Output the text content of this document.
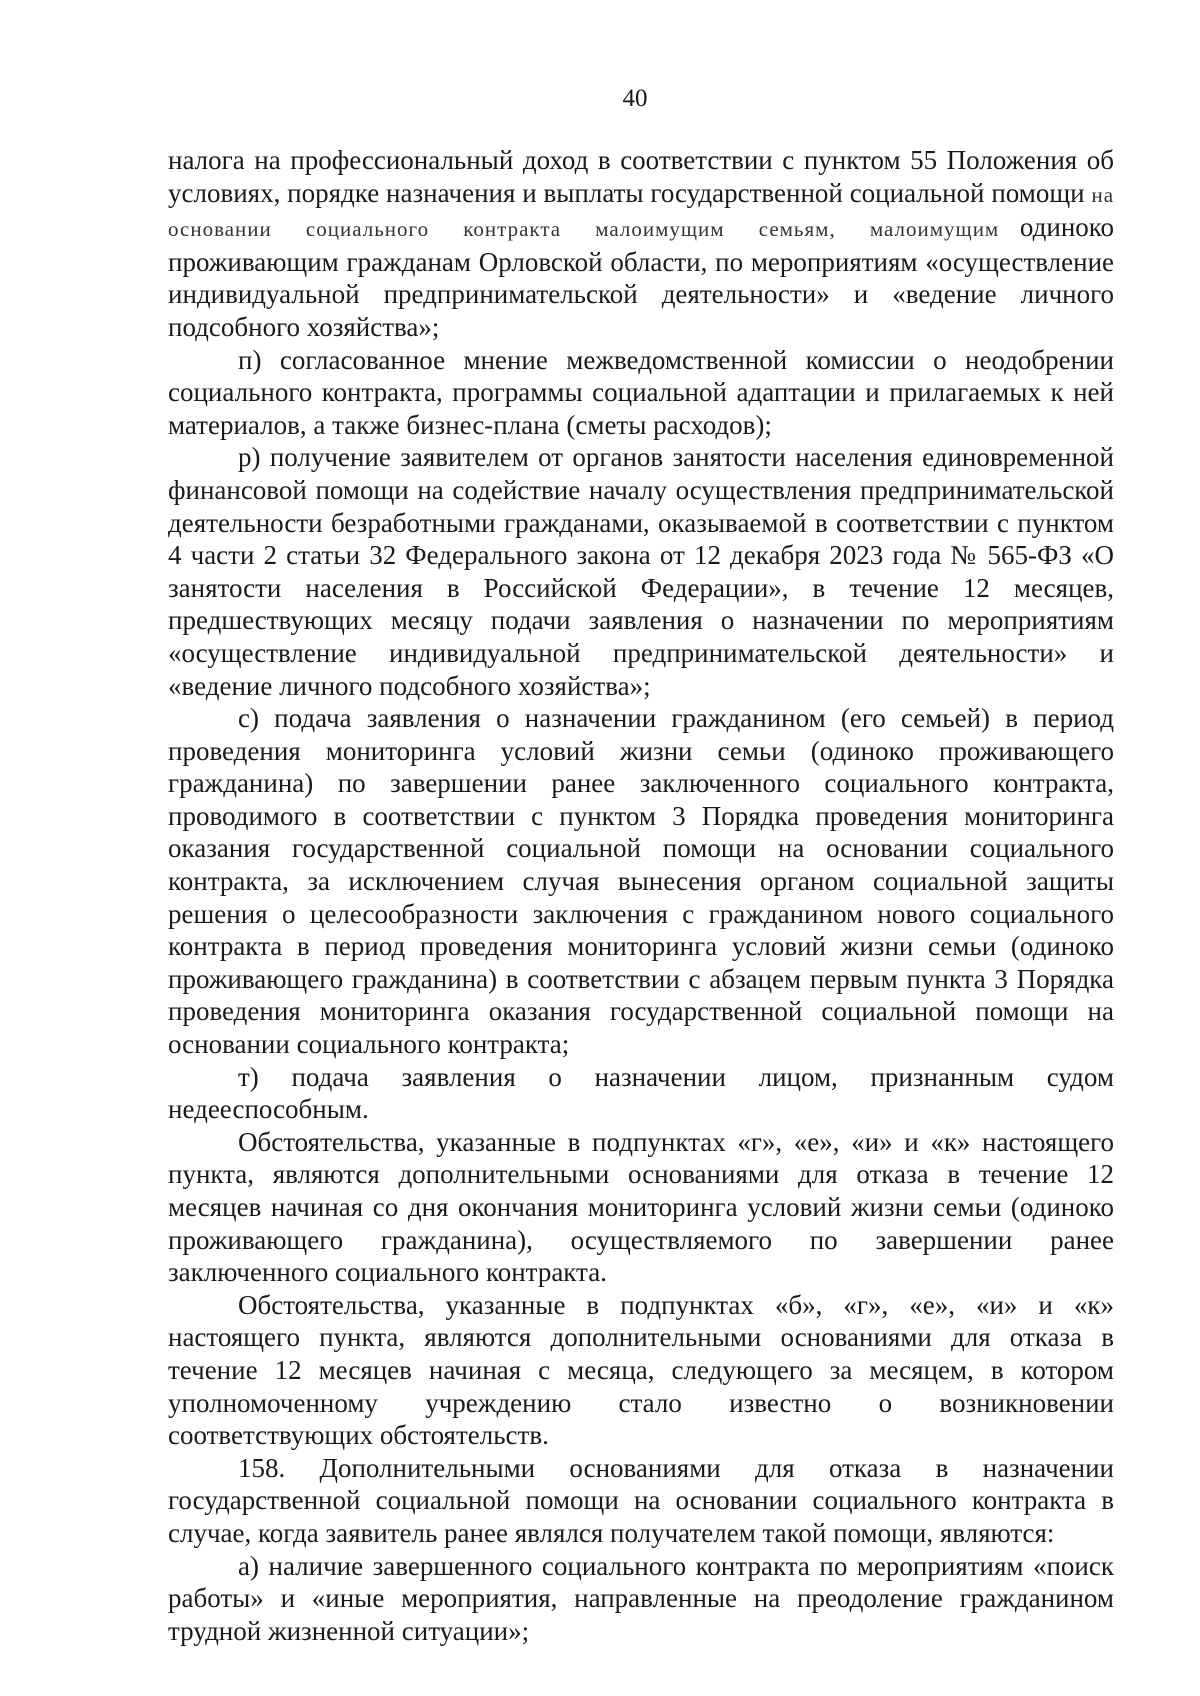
40

налога на профессиональный доход в соответствии с пунктом 55 Положения об условиях, порядке назначения и выплаты государственной социальной помощи на основании социального контракта малоимущим семьям, малоимущим одиноко проживающим гражданам Орловской области, по мероприятиям «осуществление индивидуальной предпринимательской деятельности» и «ведение личного подсобного хозяйства»;

п) согласованное мнение межведомственной комиссии о неодобрении социального контракта, программы социальной адаптации и прилагаемых к ней материалов, а также бизнес-плана (сметы расходов);

р) получение заявителем от органов занятости населения единовременной финансовой помощи на содействие началу осуществления предпринимательской деятельности безработными гражданами, оказываемой в соответствии с пунктом 4 части 2 статьи 32 Федерального закона от 12 декабря 2023 года № 565-ФЗ «О занятости населения в Российской Федерации», в течение 12 месяцев, предшествующих месяцу подачи заявления о назначении по мероприятиям «осуществление индивидуальной предпринимательской деятельности» и «ведение личного подсобного хозяйства»;

с) подача заявления о назначении гражданином (его семьей) в период проведения мониторинга условий жизни семьи (одиноко проживающего гражданина) по завершении ранее заключенного социального контракта, проводимого в соответствии с пунктом 3 Порядка проведения мониторинга оказания государственной социальной помощи на основании социального контракта, за исключением случая вынесения органом социальной защиты решения о целесообразности заключения с гражданином нового социального контракта в период проведения мониторинга условий жизни семьи (одиноко проживающего гражданина) в соответствии с абзацем первым пункта 3 Порядка проведения мониторинга оказания государственной социальной помощи на основании социального контракта;

т) подача заявления о назначении лицом, признанным судом недееспособным.

Обстоятельства, указанные в подпунктах «г», «е», «и» и «к» настоящего пункта, являются дополнительными основаниями для отказа в течение 12 месяцев начиная со дня окончания мониторинга условий жизни семьи (одиноко проживающего гражданина), осуществляемого по завершении ранее заключенного социального контракта.

Обстоятельства, указанные в подпунктах «б», «г», «е», «и» и «к» настоящего пункта, являются дополнительными основаниями для отказа в течение 12 месяцев начиная с месяца, следующего за месяцем, в котором уполномоченному учреждению стало известно о возникновении соответствующих обстоятельств.

158. Дополнительными основаниями для отказа в назначении государственной социальной помощи на основании социального контракта в случае, когда заявитель ранее являлся получателем такой помощи, являются:

а) наличие завершенного социального контракта по мероприятиям «поиск работы» и «иные мероприятия, направленные на преодоление гражданином трудной жизненной ситуации»;
